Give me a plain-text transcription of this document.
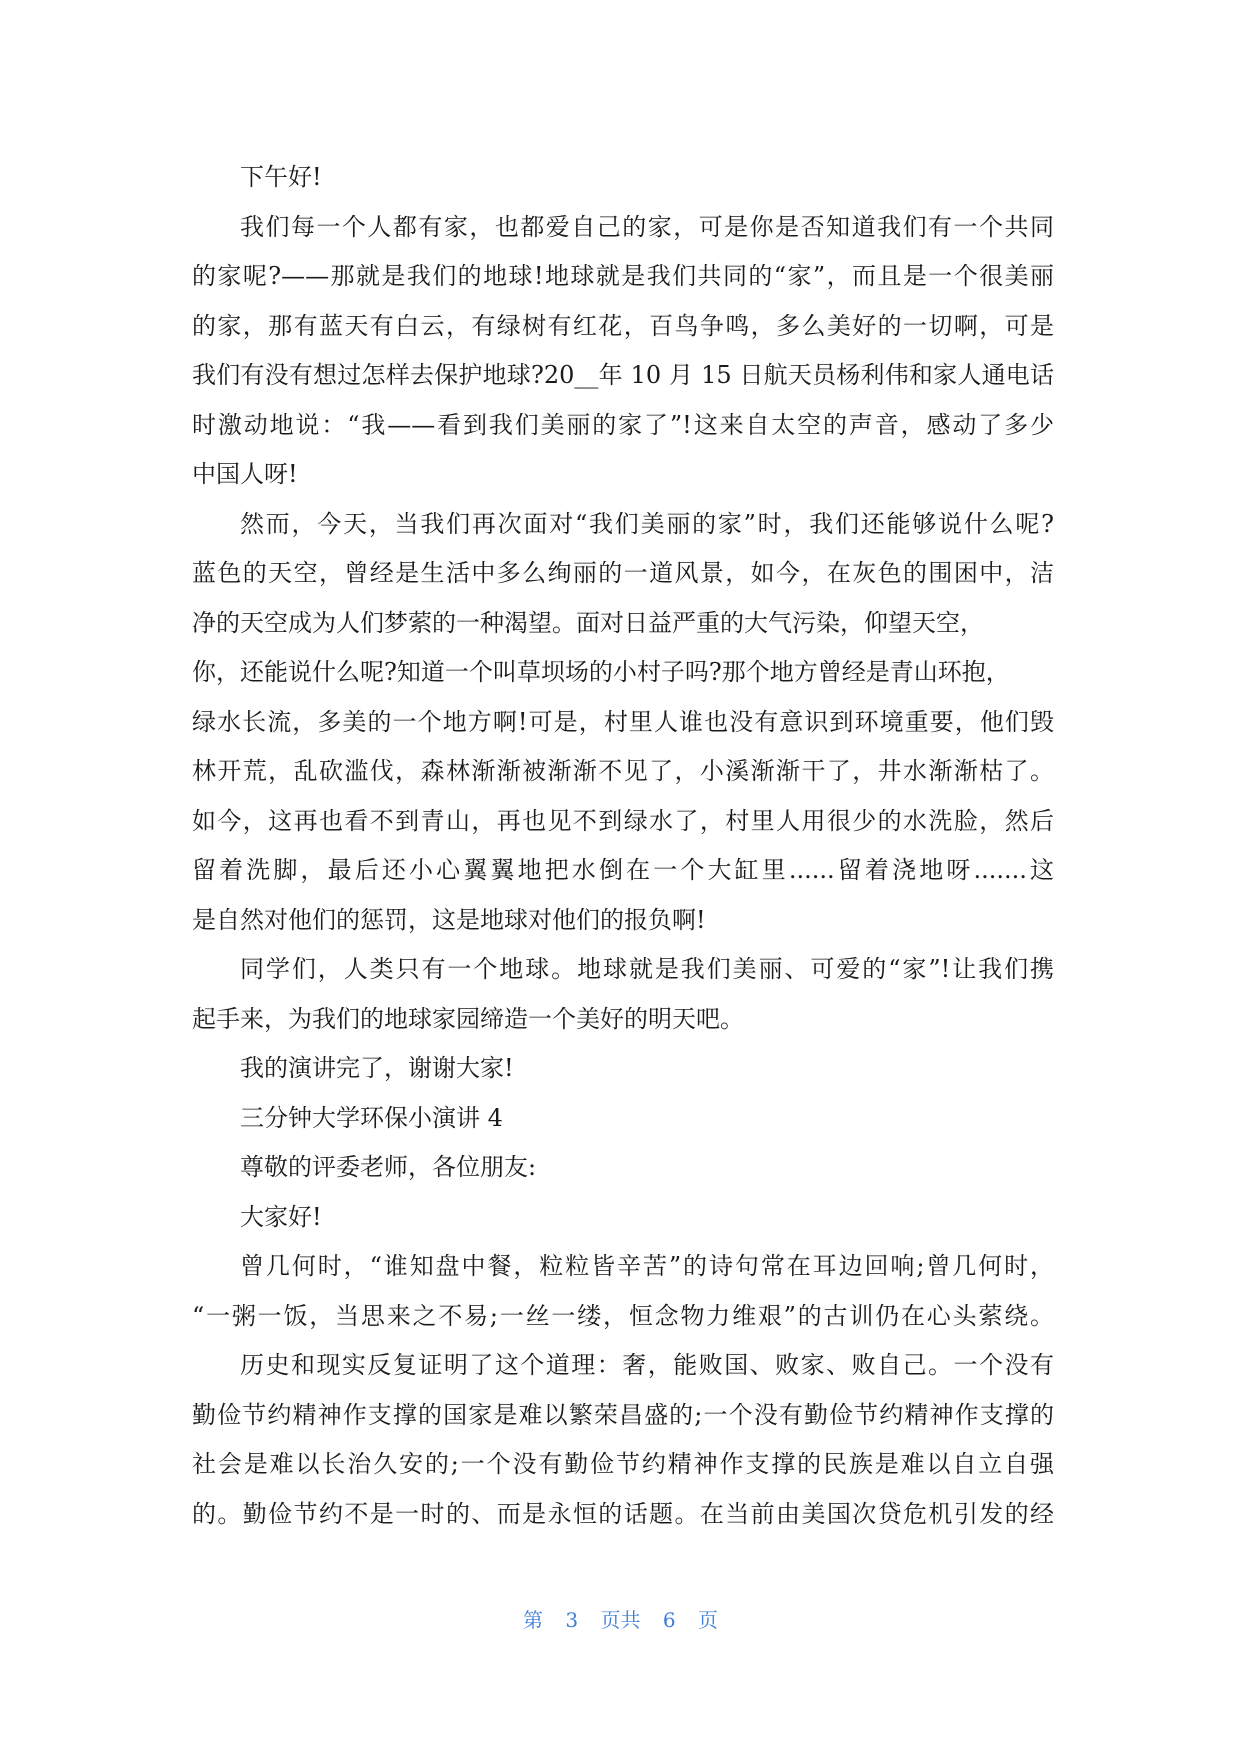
下午好!
我们每一个人都有家，也都爱自己的家，可是你是否知道我们有一个共同
的家呢?——那就是我们的地球!地球就是我们共同的“家”，而且是一个很美丽
的家，那有蓝天有白云，有绿树有红花，百鸟争鸣，多么美好的一切啊，可是
我们有没有想过怎样去保护地球?20__年 10 月 15 日航天员杨利伟和家人通电话
时激动地说：“我——看到我们美丽的家了”!这来自太空的声音，感动了多少
中国人呀!
然而，今天，当我们再次面对“我们美丽的家”时，我们还能够说什么呢?
蓝色的天空，曾经是生活中多么绚丽的一道风景，如今，在灰色的围困中，洁
净的天空成为人们梦萦的一种渴望。面对日益严重的大气污染，仰望天空，
你，还能说什么呢?知道一个叫草坝场的小村子吗?那个地方曾经是青山环抱，
绿水长流，多美的一个地方啊!可是，村里人谁也没有意识到环境重要，他们毁
林开荒，乱砍滥伐，森林渐渐被渐渐不见了，小溪渐渐干了，井水渐渐枯了。
如今，这再也看不到青山，再也见不到绿水了，村里人用很少的水洗脸，然后
留着洗脚，最后还小心翼翼地把水倒在一个大缸里......留着浇地呀.......这
是自然对他们的惩罚，这是地球对他们的报负啊!
同学们，人类只有一个地球。地球就是我们美丽、可爱的“家”!让我们携
起手来，为我们的地球家园缔造一个美好的明天吧。
我的演讲完了，谢谢大家!
三分钟大学环保小演讲 4
尊敬的评委老师，各位朋友:
大家好!
曾几何时，“谁知盘中餐，粒粒皆辛苦”的诗句常在耳边回响;曾几何时，
“一粥一饭，当思来之不易;一丝一缕，恒念物力维艰”的古训仍在心头萦绕。
历史和现实反复证明了这个道理：奢，能败国、败家、败自己。一个没有
勤俭节约精神作支撑的国家是难以繁荣昌盛的;一个没有勤俭节约精神作支撑的
社会是难以长治久安的;一个没有勤俭节约精神作支撑的民族是难以自立自强
的。勤俭节约不是一时的、而是永恒的话题。在当前由美国次贷危机引发的经
第 3 页共 6 页
